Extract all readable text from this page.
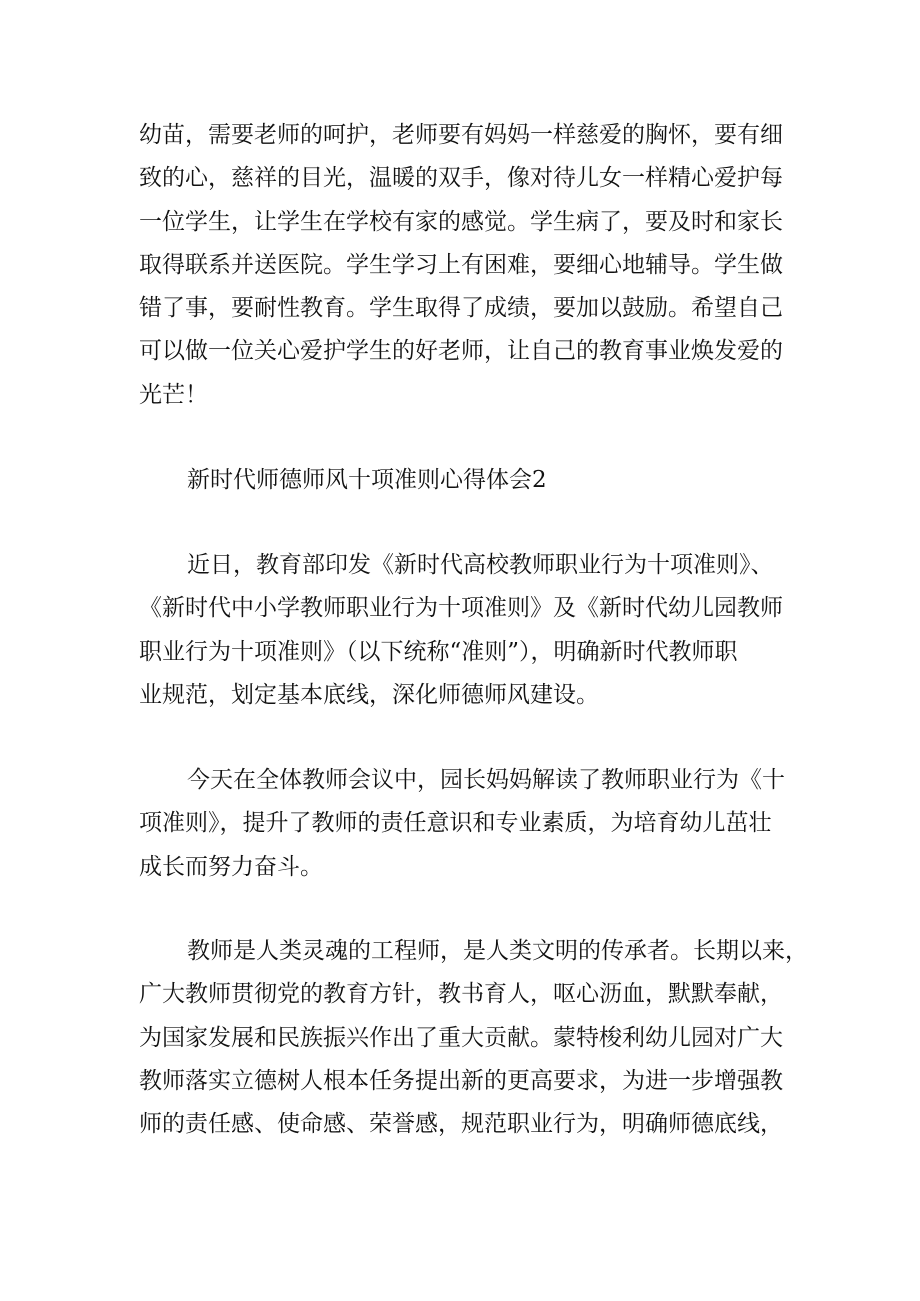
幼苗，需要老师的呵护，老师要有妈妈一样慈爱的胸怀，要有细
致的心，慈祥的目光，温暖的双手，像对待儿女一样精心爱护每
一位学生，让学生在学校有家的感觉。学生病了，要及时和家长
取得联系并送医院。学生学习上有困难，要细心地辅导。学生做
错了事，要耐性教育。学生取得了成绩，要加以鼓励。希望自己
可以做一位关心爱护学生的好老师，让自己的教育事业焕发爱的
光芒！

新时代师德师风十项准则心得体会2

近日，教育部印发《新时代高校教师职业行为十项准则》、
《新时代中小学教师职业行为十项准则》及《新时代幼儿园教师
职业行为十项准则》（以下统称“准则”），明确新时代教师职
业规范，划定基本底线，深化师德师风建设。

今天在全体教师会议中，园长妈妈解读了教师职业行为《十
项准则》，提升了教师的责任意识和专业素质，为培育幼儿茁壮
成长而努力奋斗。

教师是人类灵魂的工程师，是人类文明的传承者。长期以来，
广大教师贯彻党的教育方针，教书育人，呕心沥血，默默奉献，
为国家发展和民族振兴作出了重大贡献。蒙特梭利幼儿园对广大
教师落实立德树人根本任务提出新的更高要求，为进一步增强教
师的责任感、使命感、荣誉感，规范职业行为，明确师德底线，
